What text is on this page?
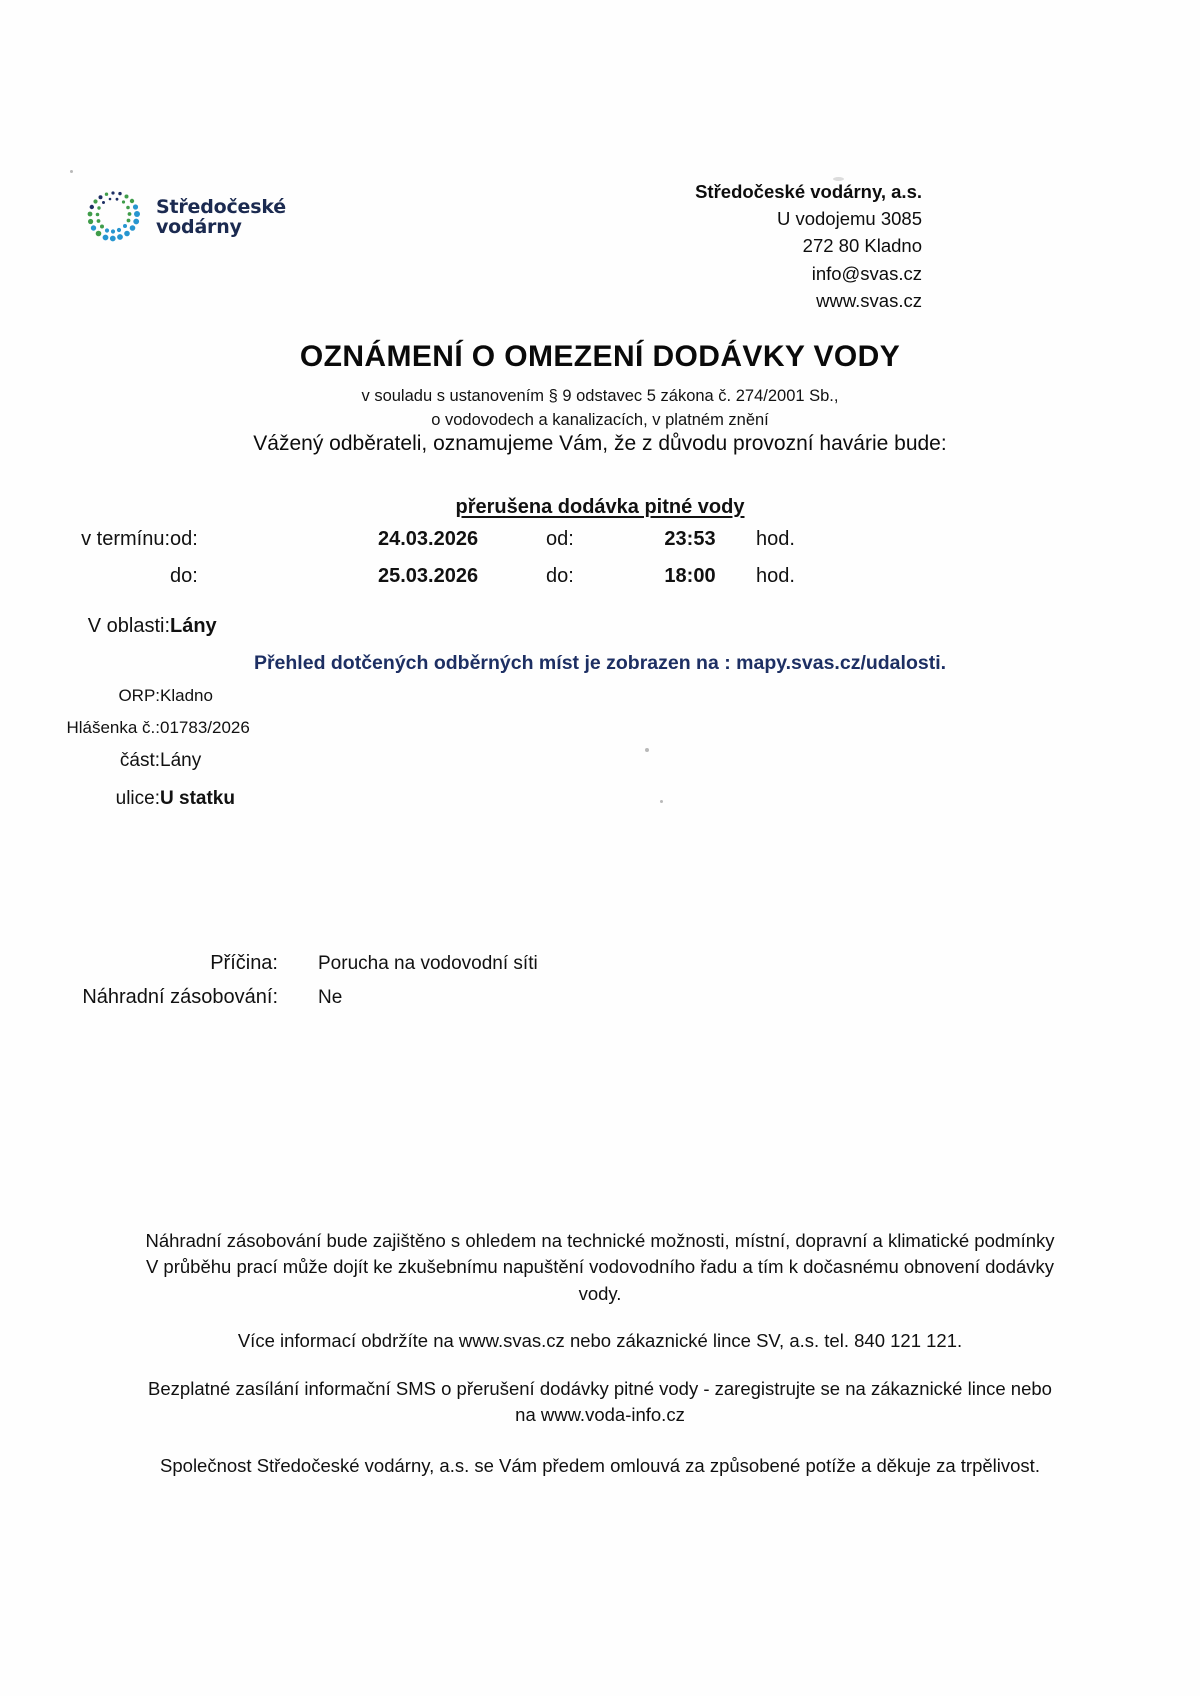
Středočeské
vodárny
Středočeské vodárny, a.s.
U vodojemu 3085
272 80 Kladno
info@svas.cz
www.svas.cz
OZNÁMENÍ O OMEZENÍ DODÁVKY VODY
v souladu s ustanovením § 9 odstavec 5 zákona č. 274/2001 Sb.,
o vodovodech a kanalizacích, v platném znění
Vážený odběrateli, oznamujeme Vám, že z důvodu provozní havárie bude:
přerušena dodávka pitné vody
v termínu: od:	24.03.2026	od:	23:53	hod.
do:	25.03.2026	do:	18:00	hod.
V oblasti: Lány
Přehled dotčených odběrných míst je zobrazen na : mapy.svas.cz/udalosti.
ORP: Kladno
Hlášenka č.: 01783/2026
část: Lány
ulice: U statku
Příčina: Porucha na vodovodní síti
Náhradní zásobování: Ne

Náhradní zásobování bude zajištěno s ohledem na technické možnosti, místní, dopravní a klimatické podmínky

V průběhu prací může dojít ke zkušebnímu napuštění vodovodního řadu a tím k dočasnému obnovení dodávky

vody.

Více informací obdržíte na www.svas.cz nebo zákaznické lince SV, a.s. tel. 840 121 121.

Bezplatné zasílání informační SMS o přerušení dodávky pitné vody - zaregistrujte se na zákaznické lince nebo

na www.voda-info.cz

Společnost Středočeské vodárny, a.s. se Vám předem omlouvá za způsobené potíže a děkuje za trpělivost.
